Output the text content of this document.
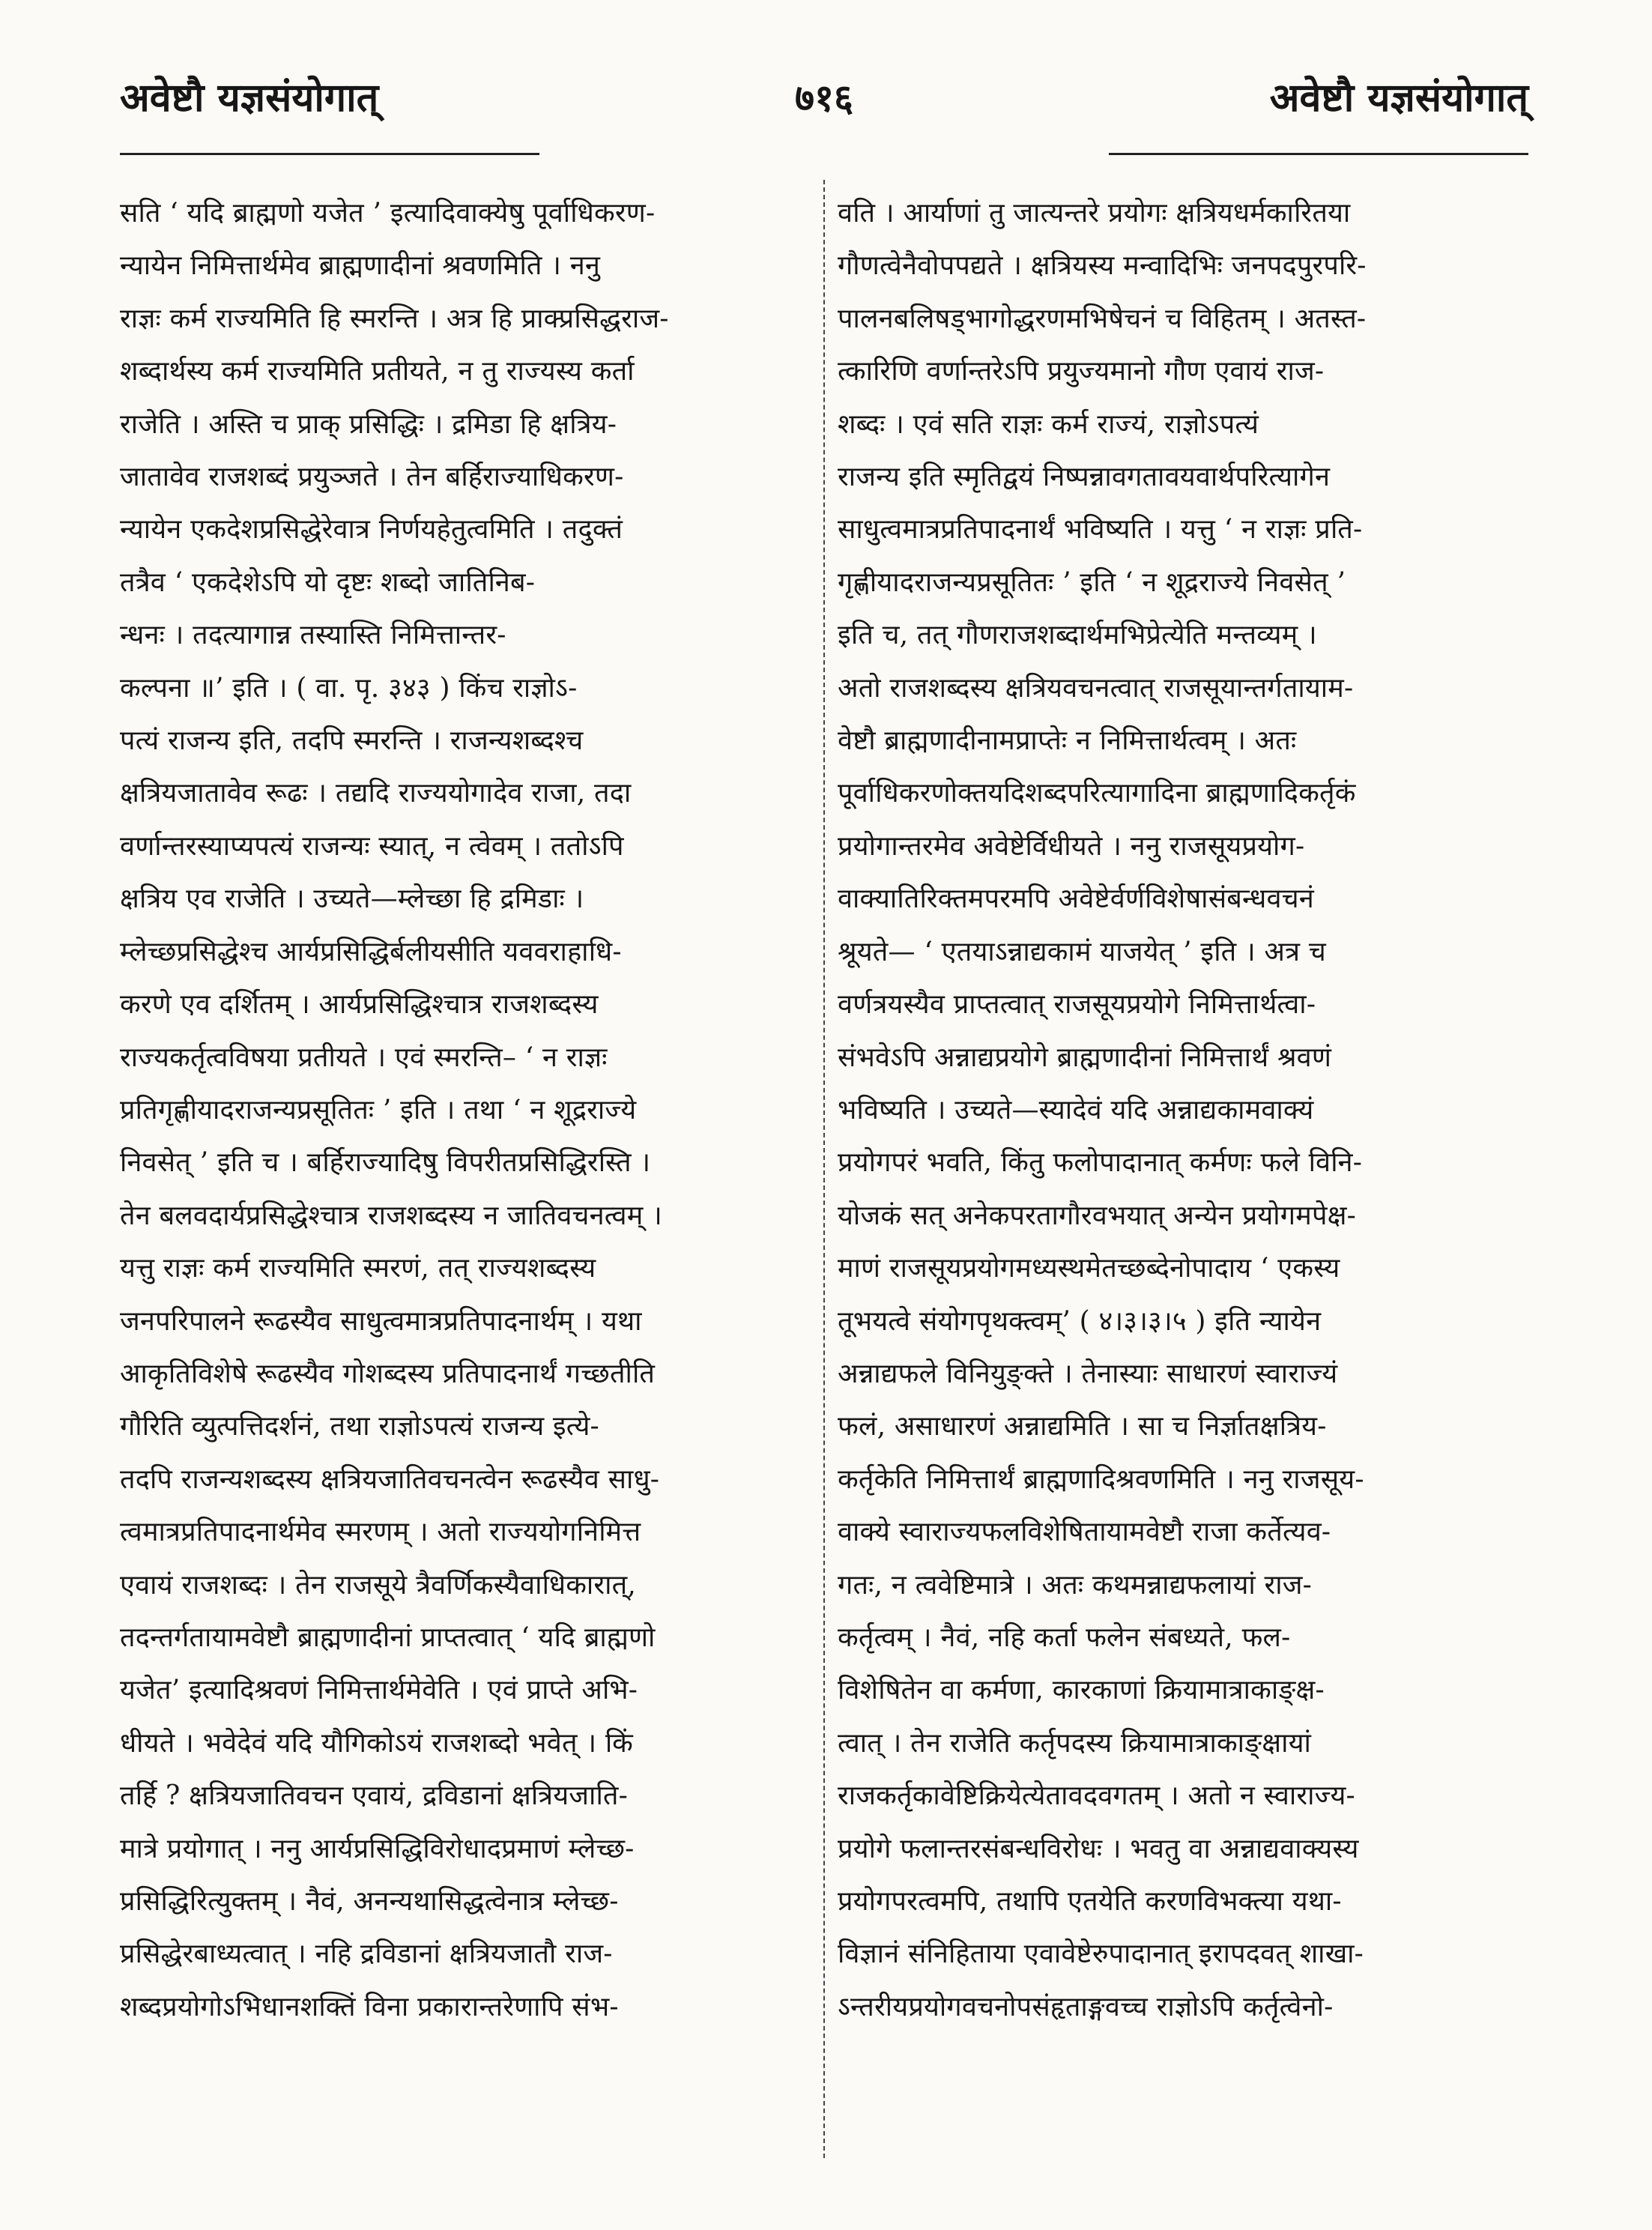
अवेष्टौ यज्ञसंयोगात्	७१६	अवेष्टौ यज्ञसंयोगात्
सति ‘ यदि ब्राह्मणो यजेत ’ इत्यादिवाक्येषु पूर्वाधिकरण-
न्यायेन निमित्तार्थमेव ब्राह्मणादीनां श्रवणमिति । ननु
राज्ञः कर्म राज्यमिति हि स्मरन्ति । अत्र हि प्राक्प्रसिद्धराज-
शब्दार्थस्य कर्म राज्यमिति प्रतीयते, न तु राज्यस्य कर्ता
राजेति । अस्ति च प्राक् प्रसिद्धिः । द्रमिडा हि क्षत्रिय-
जातावेव राजशब्दं प्रयुञ्जते । तेन बर्हिराज्याधिकरण-
न्यायेन एकदेशप्रसिद्धेरेवात्र निर्णयहेतुत्वमिति । तदुक्तं
तत्रैव ‘ एकदेशेऽपि यो दृष्टः शब्दो जातिनिब-
न्धनः । तदत्यागान्न तस्यास्ति निमित्तान्तर-
कल्पना ॥’ इति । ( वा. पृ. ३४३ ) किंच राज्ञोऽ-
पत्यं राजन्य इति, तदपि स्मरन्ति । राजन्यशब्दश्च
क्षत्रियजातावेव रूढः । तद्यदि राज्ययोगादेव राजा, तदा
वर्णान्तरस्याप्यपत्यं राजन्यः स्यात्, न त्वेवम् । ततोऽपि
क्षत्रिय एव राजेति । उच्यते—म्लेच्छा हि द्रमिडाः ।
म्लेच्छप्रसिद्धेश्च आर्यप्रसिद्धिर्बलीयसीति यववराहाधि-
करणे एव दर्शितम् । आर्यप्रसिद्धिश्चात्र राजशब्दस्य
राज्यकर्तृत्वविषया प्रतीयते । एवं स्मरन्ति– ‘ न राज्ञः
प्रतिगृह्णीयादराजन्यप्रसूतितः ’ इति । तथा ‘ न शूद्रराज्ये
निवसेत् ’ इति च । बर्हिराज्यादिषु विपरीतप्रसिद्धिरस्ति ।
तेन बलवदार्यप्रसिद्धेश्चात्र राजशब्दस्य न जातिवचनत्वम् ।
यत्तु राज्ञः कर्म राज्यमिति स्मरणं, तत् राज्यशब्दस्य
जनपरिपालने रूढस्यैव साधुत्वमात्रप्रतिपादनार्थम् । यथा
आकृतिविशेषे रूढस्यैव गोशब्दस्य प्रतिपादनार्थं गच्छतीति
गौरिति व्युत्पत्तिदर्शनं, तथा राज्ञोऽपत्यं राजन्य इत्ये-
तदपि राजन्यशब्दस्य क्षत्रियजातिवचनत्वेन रूढस्यैव साधु-
त्वमात्रप्रतिपादनार्थमेव स्मरणम् । अतो राज्ययोगनिमित्त
एवायं राजशब्दः । तेन राजसूये त्रैवर्णिकस्यैवाधिकारात्,
तदन्तर्गतायामवेष्टौ ब्राह्मणादीनां प्राप्तत्वात् ‘ यदि ब्राह्मणो
यजेत’ इत्यादिश्रवणं निमित्तार्थमेवेति । एवं प्राप्ते अभि-
धीयते । भवेदेवं यदि यौगिकोऽयं राजशब्दो भवेत् । किं
तर्हि ? क्षत्रियजातिवचन एवायं, द्रविडानां क्षत्रियजाति-
मात्रे प्रयोगात् । ननु आर्यप्रसिद्धिविरोधादप्रमाणं म्लेच्छ-
प्रसिद्धिरित्युक्तम् । नैवं, अनन्यथासिद्धत्वेनात्र म्लेच्छ-
प्रसिद्धेरबाध्यत्वात् । नहि द्रविडानां क्षत्रियजातौ राज-
शब्दप्रयोगोऽभिधानशक्तिं विना प्रकारान्तरेणापि संभ-
वति । आर्याणां तु जात्यन्तरे प्रयोगः क्षत्रियधर्मकारितया
गौणत्वेनैवोपपद्यते । क्षत्रियस्य मन्वादिभिः जनपदपुरपरि-
पालनबलिषड्भागोद्धरणमभिषेचनं च विहितम् । अतस्त-
त्कारिणि वर्णान्तरेऽपि प्रयुज्यमानो गौण एवायं राज-
शब्दः । एवं सति राज्ञः कर्म राज्यं, राज्ञोऽपत्यं
राजन्य इति स्मृतिद्वयं निष्पन्नावगतावयवार्थपरित्यागेन
साधुत्वमात्रप्रतिपादनार्थं भविष्यति । यत्तु ‘ न राज्ञः प्रति-
गृह्णीयादराजन्यप्रसूतितः ’ इति ‘ न शूद्रराज्ये निवसेत् ’
इति च, तत् गौणराजशब्दार्थमभिप्रेत्येति मन्तव्यम् ।
अतो राजशब्दस्य क्षत्रियवचनत्वात् राजसूयान्तर्गतायाम-
वेष्टौ ब्राह्मणादीनामप्राप्तेः न निमित्तार्थत्वम् । अतः
पूर्वाधिकरणोक्तयदिशब्दपरित्यागादिना ब्राह्मणादिकर्तृकं
प्रयोगान्तरमेव अवेष्टेर्विधीयते । ननु राजसूयप्रयोग-
वाक्यातिरिक्तमपरमपि अवेष्टेर्वर्णविशेषासंबन्धवचनं
श्रूयते— ‘ एतयाऽन्नाद्यकामं याजयेत् ’ इति । अत्र च
वर्णत्रयस्यैव प्राप्तत्वात् राजसूयप्रयोगे निमित्तार्थत्वा-
संभवेऽपि अन्नाद्यप्रयोगे ब्राह्मणादीनां निमित्तार्थं श्रवणं
भविष्यति । उच्यते—स्यादेवं यदि अन्नाद्यकामवाक्यं
प्रयोगपरं भवति, किंतु फलोपादानात् कर्मणः फले विनि-
योजकं सत् अनेकपरतागौरवभयात् अन्येन प्रयोगमपेक्ष-
माणं राजसूयप्रयोगमध्यस्थमेतच्छब्देनोपादाय ‘ एकस्य
तूभयत्वे संयोगपृथक्त्वम्’ ( ४।३।३।५ ) इति न्यायेन
अन्नाद्यफले विनियुङ्क्ते । तेनास्याः साधारणं स्वाराज्यं
फलं, असाधारणं अन्नाद्यमिति । सा च निर्ज्ञातक्षत्रिय-
कर्तृकेति निमित्तार्थं ब्राह्मणादिश्रवणमिति । ननु राजसूय-
वाक्ये स्वाराज्यफलविशेषितायामवेष्टौ राजा कर्तेत्यव-
गतः, न त्ववेष्टिमात्रे । अतः कथमन्नाद्यफलायां राज-
कर्तृत्वम् । नैवं, नहि कर्ता फलेन संबध्यते, फल-
विशेषितेन वा कर्मणा, कारकाणां क्रियामात्राकाङ्क्ष-
त्वात् । तेन राजेति कर्तृपदस्य क्रियामात्राकाङ्क्षायां
राजकर्तृकावेष्टिक्रियेत्येतावदवगतम् । अतो न स्वाराज्य-
प्रयोगे फलान्तरसंबन्धविरोधः । भवतु वा अन्नाद्यवाक्यस्य
प्रयोगपरत्वमपि, तथापि एतयेति करणविभक्त्या यथा-
विज्ञानं संनिहिताया एवावेष्टेरुपादानात् इरापदवत् शाखा-
ऽन्तरीयप्रयोगवचनोपसंहृताङ्गवच्च राज्ञोऽपि कर्तृत्वेनो-
